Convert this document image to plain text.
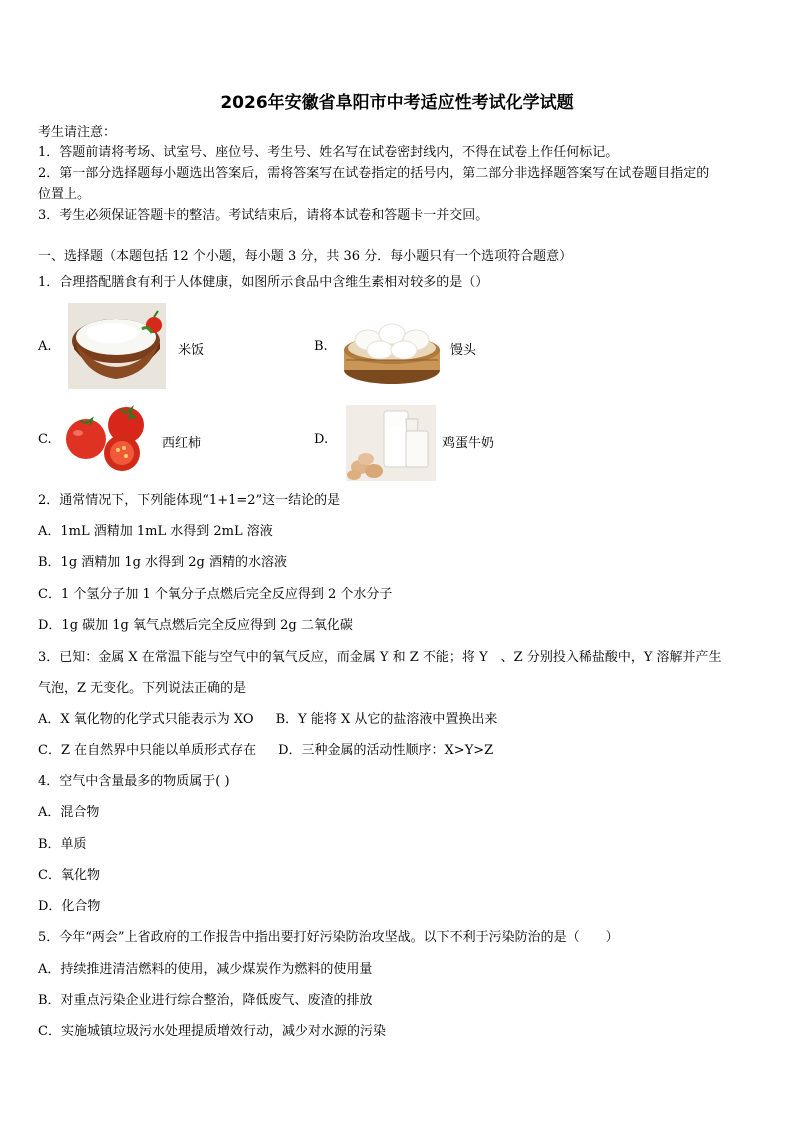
2026年安徽省阜阳市中考适应性考试化学试题
考生请注意：
1．答题前请将考场、试室号、座位号、考生号、姓名写在试卷密封线内，不得在试卷上作任何标记。
2．第一部分选择题每小题选出答案后，需将答案写在试卷指定的括号内，第二部分非选择题答案写在试卷题目指定的
位置上。
3．考生必须保证答题卡的整洁。考试结束后，请将本试卷和答题卡一并交回。
一、选择题（本题包括 12 个小题，每小题 3 分，共 36 分．每小题只有一个选项符合题意）
1．合理搭配膳食有利于人体健康，如图所示食品中含维生素相对较多的是（）
A.	米饭	B.	馒头
C.	西红柿	D.	鸡蛋牛奶
2．通常情况下，下列能体现“1+1=2”这一结论的是
A．1mL 酒精加 1mL 水得到 2mL 溶液
B．1g 酒精加 1g 水得到 2g 酒精的水溶液
C．1 个氢分子加 1 个氧分子点燃后完全反应得到 2 个水分子
D．1g 碳加 1g 氧气点燃后完全反应得到 2g 二氧化碳
3．已知：金属 X 在常温下能与空气中的氧气反应，而金属 Y 和 Z 不能；将 Y　、Z 分别投入稀盐酸中，Y 溶解并产生
气泡，Z 无变化。下列说法正确的是
A．X 氧化物的化学式只能表示为 XO B．Y 能将 X 从它的盐溶液中置换出来
C．Z 在自然界中只能以单质形式存在 D．三种金属的活动性顺序：X>Y>Z
4．空气中含量最多的物质属于( )
A．混合物
B．单质
C．氧化物
D．化合物
5．今年“两会”上省政府的工作报告中指出要打好污染防治攻坚战。以下不利于污染防治的是（　　）
A．持续推进清洁燃料的使用，减少煤炭作为燃料的使用量
B．对重点污染企业进行综合整治，降低废气、废渣的排放
C．实施城镇垃圾污水处理提质增效行动，减少对水源的污染
